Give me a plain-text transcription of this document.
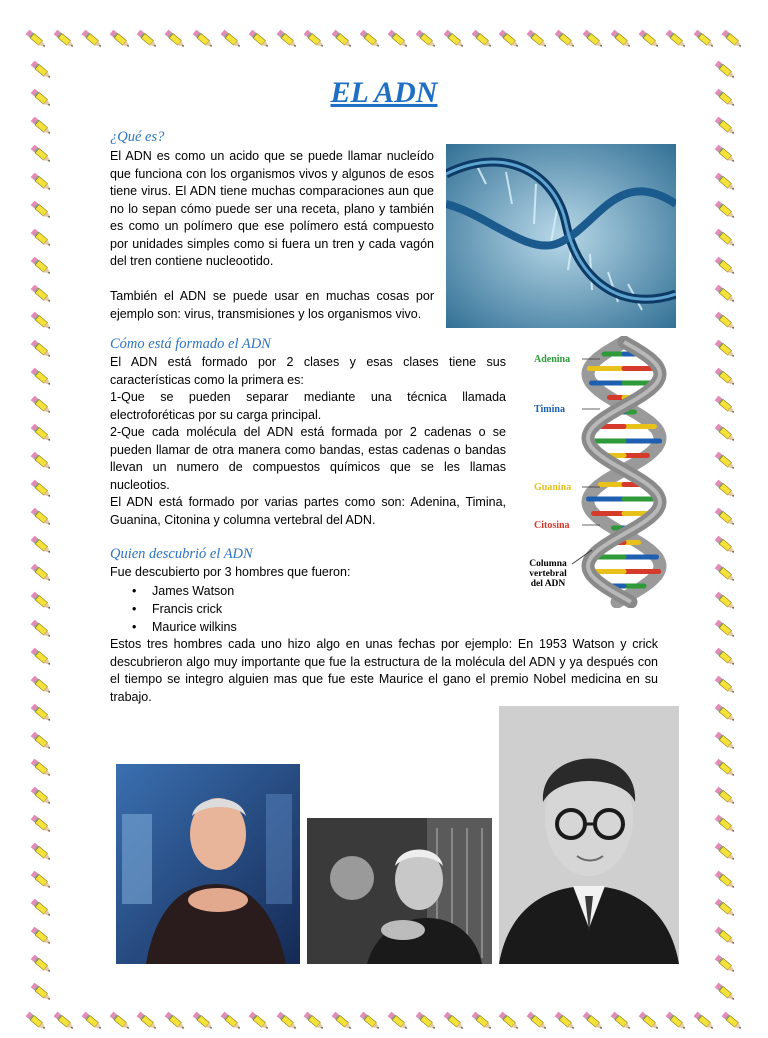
EL ADN
¿Qué es?

El ADN es como un acido que se puede llamar nucleído que funciona con los organismos vivos y algunos de esos tiene virus. El ADN tiene muchas comparaciones aun que no lo sepan cómo puede ser una receta, plano y también es como un polímero que ese polímero está compuesto por unidades simples como si fuera un tren y cada vagón del tren contiene nucleootido.

También el ADN se puede usar en muchas cosas por ejemplo son: virus, transmisiones y los organismos vivo.

Cómo está formado el ADN

El ADN está formado por 2 clases y esas clases tiene sus características como la primera es:

1-Que se pueden separar mediante una técnica llamada electroforéticas por su carga principal.

2-Que cada molécula del ADN está formada por 2 cadenas o se pueden llamar de otra manera como bandas, estas cadenas o bandas llevan un numero de compuestos químicos que se les llamas nucleotios.

El ADN está formado por varias partes como son: Adenina, Timina, Guanina, Citonina y columna vertebral del ADN.

Adenina
Timina
Guanina
Citosina
Columna
vertebral
del ADN
Quien descubrió el ADN
Fue descubierto por 3 hombres que fueron:
• James Watson
• Francis crick
• Maurice wilkins
Estos tres hombres cada uno hizo algo en unas fechas por ejemplo: En 1953 Watson y crick descubrieron algo muy importante que fue la estructura de la molécula del ADN y ya después con el tiempo se integro alguien mas que fue este Maurice el gano el premio Nobel medicina en su trabajo.
